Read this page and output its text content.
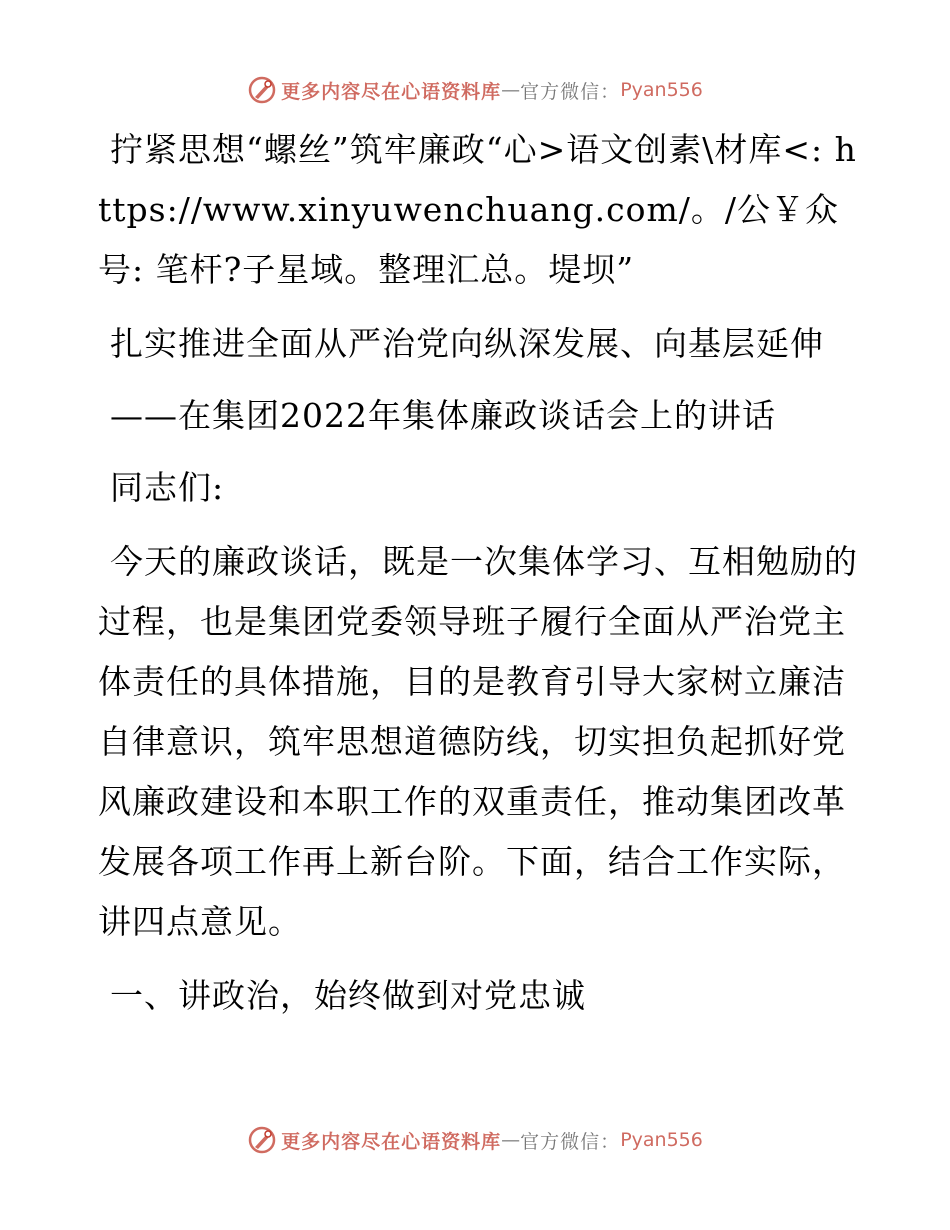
更多内容尽在心语资料库 — 官方微信： Pyan556

拧紧思想“螺丝”筑牢廉政“心>语文创素\材库<: https://www.xinyuwenchuang.com/。/公￥众号: 笔杆?子星域。整理汇总。堤坝”

扎实推进全面从严治党向纵深发展、向基层延伸

——在集团2022年集体廉政谈话会上的讲话

同志们:

今天的廉政谈话，既是一次集体学习、互相勉励的过程，也是集团党委领导班子履行全面从严治党主体责任的具体措施，目的是教育引导大家树立廉洁自律意识，筑牢思想道德防线，切实担负起抓好党风廉政建设和本职工作的双重责任，推动集团改革发展各项工作再上新台阶。下面，结合工作实际，讲四点意见。

一、讲政治，始终做到对党忠诚

更多内容尽在心语资料库 — 官方微信： Pyan556
